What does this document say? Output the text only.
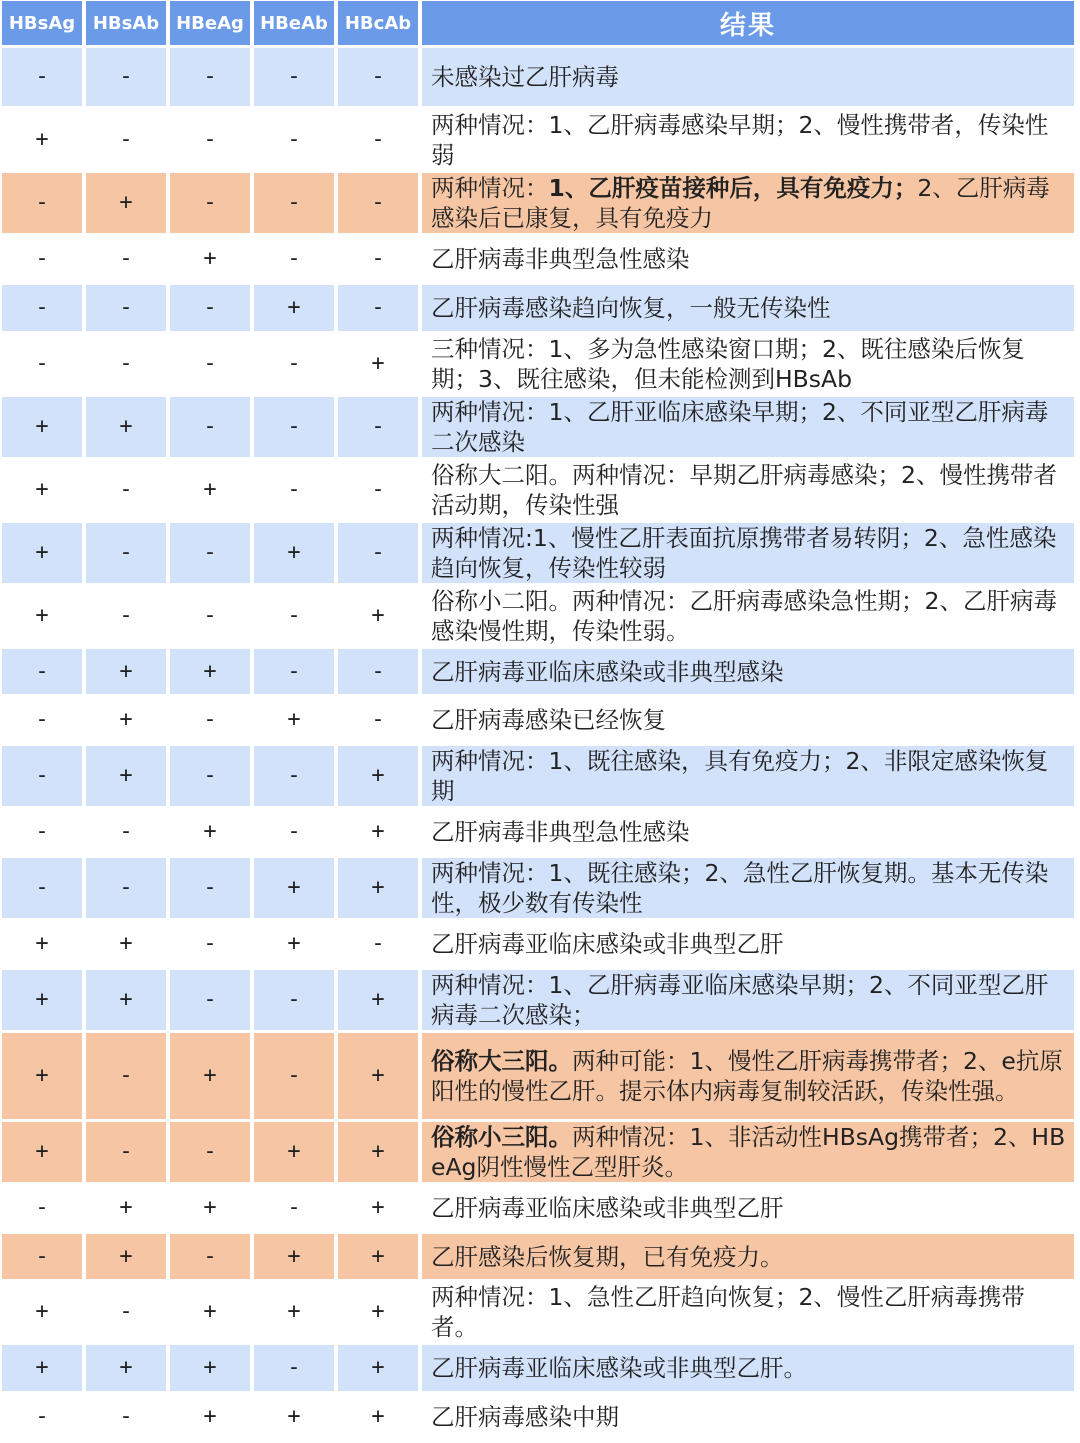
HBsAg	HBsAb	HBeAg	HBeAb	HBcAb	结果
-	-	-	-	-	未感染过乙肝病毒
+	-	-	-	-	两种情况：1、乙肝病毒感染早期；2、慢性携带者，传染性弱
-	+	-	-	-	两种情况：1、乙肝疫苗接种后，具有免疫力；2、乙肝病毒感染后已康复，具有免疫力
-	-	+	-	-	乙肝病毒非典型急性感染
-	-	-	+	-	乙肝病毒感染趋向恢复，一般无传染性
-	-	-	-	+	三种情况：1、多为急性感染窗口期；2、既往感染后恢复期；3、既往感染，但未能检测到HBsAb
+	+	-	-	-	两种情况：1、乙肝亚临床感染早期；2、不同亚型乙肝病毒二次感染
+	-	+	-	-	俗称大二阳。两种情况：早期乙肝病毒感染；2、慢性携带者活动期，传染性强
+	-	-	+	-	两种情况:1、慢性乙肝表面抗原携带者易转阴；2、急性感染趋向恢复，传染性较弱
+	-	-	-	+	俗称小二阳。两种情况：乙肝病毒感染急性期；2、乙肝病毒感染慢性期，传染性弱。
-	+	+	-	-	乙肝病毒亚临床感染或非典型感染
-	+	-	+	-	乙肝病毒感染已经恢复
-	+	-	-	+	两种情况：1、既往感染，具有免疫力；2、非限定感染恢复期
-	-	+	-	+	乙肝病毒非典型急性感染
-	-	-	+	+	两种情况：1、既往感染；2、急性乙肝恢复期。基本无传染性，极少数有传染性
+	+	-	+	-	乙肝病毒亚临床感染或非典型乙肝
+	+	-	-	+	两种情况：1、乙肝病毒亚临床感染早期；2、不同亚型乙肝病毒二次感染；
+	-	+	-	+	俗称大三阳。两种可能：1、慢性乙肝病毒携带者；2、e抗原阳性的慢性乙肝。提示体内病毒复制较活跃，传染性强。
+	-	-	+	+	俗称小三阳。两种情况：1、非活动性HBsAg携带者；2、HBeAg阴性慢性乙型肝炎。
-	+	+	-	+	乙肝病毒亚临床感染或非典型乙肝
-	+	-	+	+	乙肝感染后恢复期，已有免疫力。
+	-	+	+	+	两种情况：1、急性乙肝趋向恢复；2、慢性乙肝病毒携带者。
+	+	+	-	+	乙肝病毒亚临床感染或非典型乙肝。
-	-	+	+	+	乙肝病毒感染中期
